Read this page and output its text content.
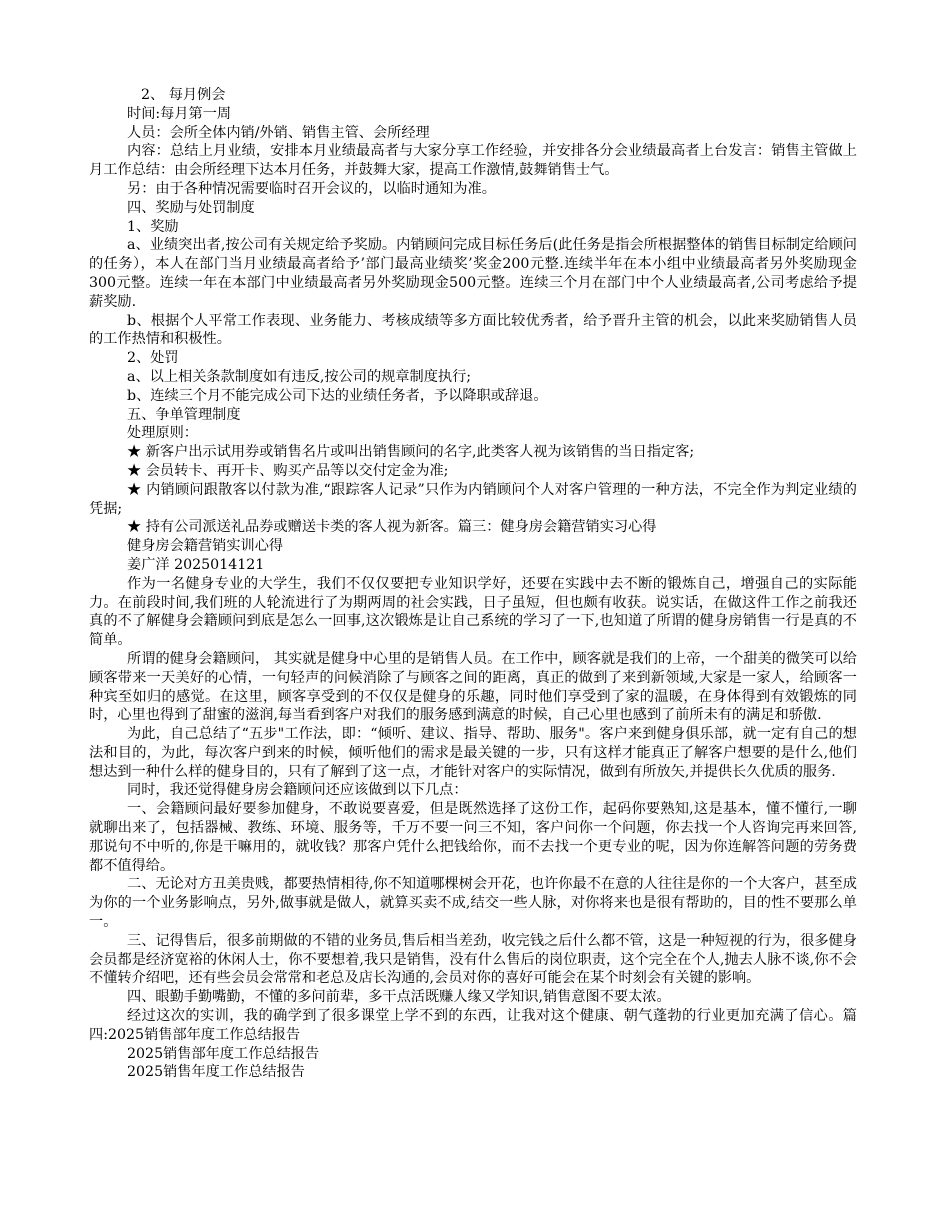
2、 每月例会

时间:每月第一周

人员：会所全体内销/外销、销售主管、会所经理

内容：总结上月业绩，安排本月业绩最高者与大家分享工作经验，并安排各分会业绩最高者上台发言：销售主管做上月工作总结：由会所经理下达本月任务，并鼓舞大家，提高工作激情,鼓舞销售士气。

另：由于各种情况需要临时召开会议的，以临时通知为准。

四、奖励与处罚制度

1、奖励

a、业绩突出者,按公司有关规定给予奖励。内销顾问完成目标任务后(此任务是指会所根据整体的销售目标制定给顾问的任务），本人在部门当月业绩最高者给予’部门最高业绩奖’奖金200元整.连续半年在本小组中业绩最高者另外奖励现金300元整。连续一年在本部门中业绩最高者另外奖励现金500元整。连续三个月在部门中个人业绩最高者,公司考虑给予提薪奖励.

b、根据个人平常工作表现、业务能力、考核成绩等多方面比较优秀者，给予晋升主管的机会，以此来奖励销售人员的工作热情和积极性。

2、处罚

a、以上相关条款制度如有违反,按公司的规章制度执行;

b、连续三个月不能完成公司下达的业绩任务者，予以降职或辞退。

五、争单管理制度

处理原则：

★ 新客户出示试用券或销售名片或叫出销售顾问的名字,此类客人视为该销售的当日指定客;

★ 会员转卡、再开卡、购买产品等以交付定金为准;

★ 内销顾问跟散客以付款为准,“跟踪客人记录”只作为内销顾问个人对客户管理的一种方法，不完全作为判定业绩的凭据;

★ 持有公司派送礼品券或赠送卡类的客人视为新客。篇三：健身房会籍营销实习心得

健身房会籍营销实训心得

姜广洋 2025014121

作为一名健身专业的大学生，我们不仅仅要把专业知识学好，还要在实践中去不断的锻炼自己，增强自己的实际能力。在前段时间,我们班的人轮流进行了为期两周的社会实践，日子虽短，但也颇有收获。说实话，在做这件工作之前我还真的不了解健身会籍顾问到底是怎么一回事,这次锻炼是让自己系统的学习了一下,也知道了所谓的健身房销售一行是真的不简单。

所谓的健身会籍顾问， 其实就是健身中心里的是销售人员。在工作中，顾客就是我们的上帝，一个甜美的微笑可以给顾客带来一天美好的心情，一句轻声的问候消除了与顾客之间的距离，真正的做到了来到新领域,大家是一家人，给顾客一种宾至如归的感觉。在这里，顾客享受到的不仅仅是健身的乐趣，同时他们享受到了家的温暖，在身体得到有效锻炼的同时，心里也得到了甜蜜的滋润,每当看到客户对我们的服务感到满意的时候，自己心里也感到了前所未有的满足和骄傲.

为此，自己总结了“五步"工作法，即：“倾听、建议、指导、帮助、服务"。客户来到健身俱乐部，就一定有自己的想法和目的，为此，每次客户到来的时候，倾听他们的需求是最关键的一步，只有这样才能真正了解客户想要的是什么,他们想达到一种什么样的健身目的，只有了解到了这一点，才能针对客户的实际情况，做到有所放矢,并提供长久优质的服务.

同时，我还觉得健身房会籍顾问还应该做到以下几点：

一、会籍顾问最好要参加健身，不敢说要喜爱，但是既然选择了这份工作，起码你要熟知,这是基本，懂不懂行,一聊就聊出来了，包括器械、教练、环境、服务等，千万不要一问三不知，客户问你一个问题，你去找一个人咨询完再来回答,那说句不中听的,你是干嘛用的，就收钱？那客户凭什么把钱给你，而不去找一个更专业的呢，因为你连解答问题的劳务费都不值得给。

二、无论对方丑美贵贱，都要热情相待,你不知道哪棵树会开花，也许你最不在意的人往往是你的一个大客户，甚至成为你的一个业务影响点，另外,做事就是做人，就算买卖不成,结交一些人脉，对你将来也是很有帮助的，目的性不要那么单一。

三、记得售后，很多前期做的不错的业务员,售后相当差劲，收完钱之后什么都不管，这是一种短视的行为，很多健身会员都是经济宽裕的休闲人士，你不要想着,我只是销售，没有什么售后的岗位职责，这个完全在个人,抛去人脉不谈,你不会不懂转介绍吧，还有些会员会常常和老总及店长沟通的,会员对你的喜好可能会在某个时刻会有关键的影响。

四、眼勤手勤嘴勤，不懂的多问前辈，多干点活既赚人缘又学知识,销售意图不要太浓。

经过这次的实训，我的确学到了很多课堂上学不到的东西，让我对这个健康、朝气蓬勃的行业更加充满了信心。篇四:2025销售部年度工作总结报告

2025销售部年度工作总结报告

2025销售年度工作总结报告
